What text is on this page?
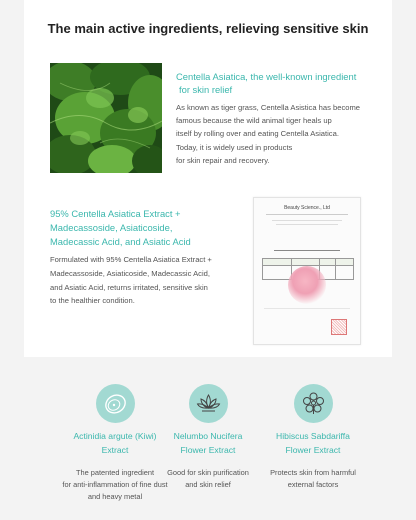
The main active ingredients, relieving sensitive skin
Centella Asiatica, the well-known ingredient
for skin relief
As known as tiger grass, Centella Asistica has become
famous because the wild animal tiger heals up
itself by rolling over and eating Centella Asiatica.
Today, it is widely used in products
for skin repair and recovery.
95% Centella Asiatica Extract +
Madecassoside, Asiaticoside,
Madecassic Acid, and Asiatic Acid
Formulated with 95% Centella Asiatica Extract +
Madecassoside, Asiaticoside, Madecassic Acid,
and Asiatic Acid, returns irritated, sensitive skin
to the healthier condition.
Beauty Science., Ltd
Actinidia argute (Kiwi)
Extract
The patented ingredient
for anti-inflammation of fine dust
and heavy metal
Nelumbo Nucifera
Flower Extract
Good for skin purification
and skin relief
Hibiscus Sabdariffa
Flower Extract
Protects skin from harmful
external factors
